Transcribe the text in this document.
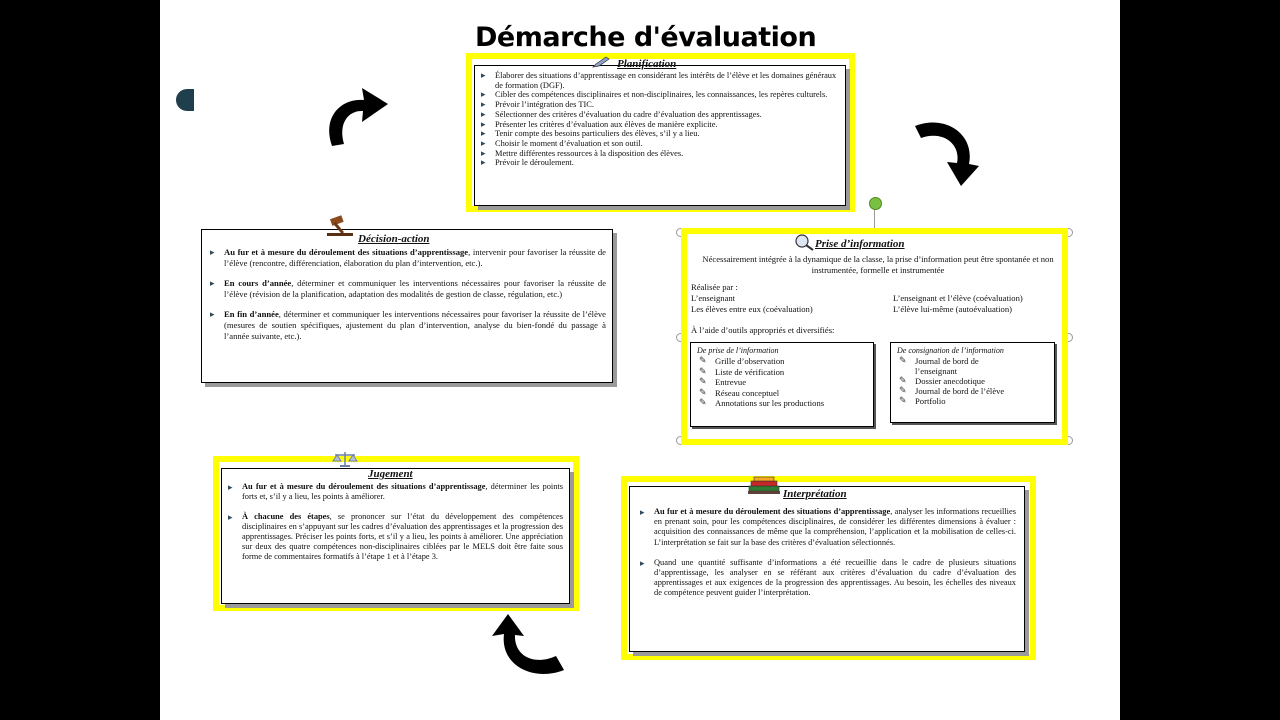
Démarche d'évaluation
▸ Élaborer des situations d’apprentissage en considérant les intérêts de l’élève et les domaines généraux de formation (DGF).
▸ Cibler des compétences disciplinaires et non-disciplinaires, les connaissances, les repères culturels.
▸ Prévoir l’intégration des TIC.
▸ Sélectionner des critères d’évaluation du cadre d’évaluation des apprentissages.
▸ Présenter les critères d’évaluation aux élèves de manière explicite.
▸ Tenir compte des besoins particuliers des élèves, s’il y a lieu.
▸ Choisir le moment d’évaluation et son outil.
▸ Mettre différentes ressources à la disposition des élèves.
▸ Prévoir le déroulement.
Planification
▸ Au fur et à mesure du déroulement des situations d’apprentissage, intervenir pour favoriser la réussite de l’élève (rencontre, différenciation, élaboration du plan d’intervention, etc.).
▸ En cours d’année, déterminer et communiquer les interventions nécessaires pour favoriser la réussite de l’élève (révision de la planification, adaptation des modalités de gestion de classe, régulation, etc.)
▸ En fin d’année, déterminer et communiquer les interventions nécessaires pour favoriser la réussite de l’élève (mesures de soutien spécifiques, ajustement du plan d’intervention, analyse du bien-fondé du passage à l’année suivante, etc.).
Décision-action
Nécessairement intégrée à la dynamique de la classe, la prise d’information peut être spontanée et non instrumentée, formelle et instrumentée
Réalisée par :
L’enseignant
Les élèves entre eux (coévaluation)
L’enseignant et l’élève (coévaluation)
L’élève lui-même (autoévaluation)
À l’aide d’outils appropriés et diversifiés:
De prise de l’information
✎ Grille d’observation
✎ Liste de vérification
✎ Entrevue
✎ Réseau conceptuel
✎ Annotations sur les productions
De consignation de l’information
✎ Journal de bord de l’enseignant
✎ Dossier anecdotique
✎ Journal de bord de l’élève
✎ Portfolio
Prise d’information
▸ Au fur et à mesure du déroulement des situations d’apprentissage, déterminer les points forts et, s’il y a lieu, les points à améliorer.
▸ À chacune des étapes, se prononcer sur l’état du développement des compétences disciplinaires en s’appuyant sur les cadres d’évaluation des apprentissages et la progression des apprentissages. Préciser les points forts, et s’il y a lieu, les points à améliorer. Une appréciation sur deux des quatre compétences non-disciplinaires ciblées par le MELS doit être faite sous forme de commentaires formatifs à l’étape 1 et à l’étape 3.
Jugement
▸ Au fur et à mesure du déroulement des situations d’apprentissage, analyser les informations recueillies en prenant soin, pour les compétences disciplinaires, de considérer les différentes dimensions à évaluer : acquisition des connaissances de même que la compréhension, l’application et la mobilisation de celles-ci. L’interprétation se fait sur la base des critères d’évaluation sélectionnés.
▸ Quand une quantité suffisante d’informations a été recueillie dans le cadre de plusieurs situations d’apprentissage, les analyser en se référant aux critères d’évaluation du cadre d’évaluation des apprentissages et aux exigences de la progression des apprentissages. Au besoin, les échelles des niveaux de compétence peuvent guider l’interprétation.
Interprétation
